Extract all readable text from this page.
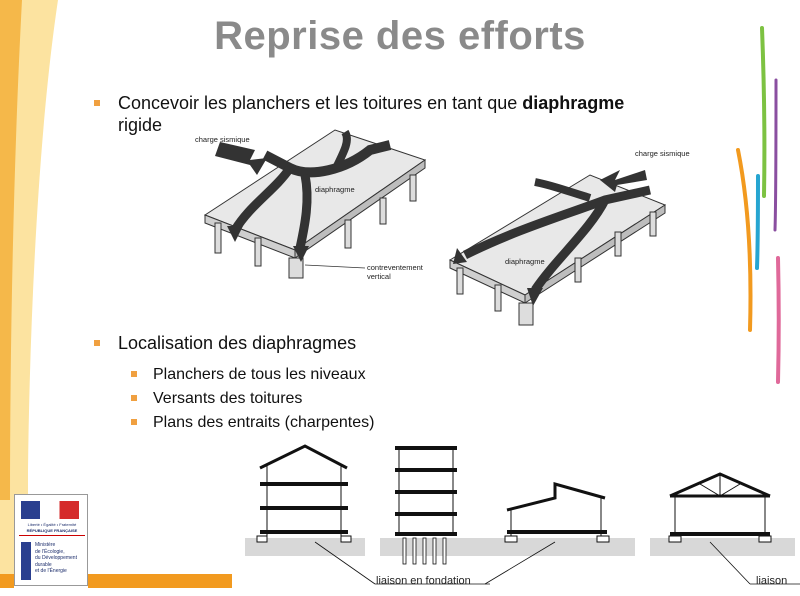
Reprise des efforts
Concevoir les planchers et les toitures en tant que diaphragme
rigide
charge sismique
diaphragme
contreventement
vertical
charge sismique
diaphragme
Localisation des diaphragmes
Planchers de tous les niveaux
Versants des toitures
Plans des entraits (charpentes)
liaison en fondation	liaison
Liberté • Égalité • Fraternité
RÉPUBLIQUE FRANÇAISE
Ministère
de l'Écologie,
du Développement
durable
et de l'Énergie
